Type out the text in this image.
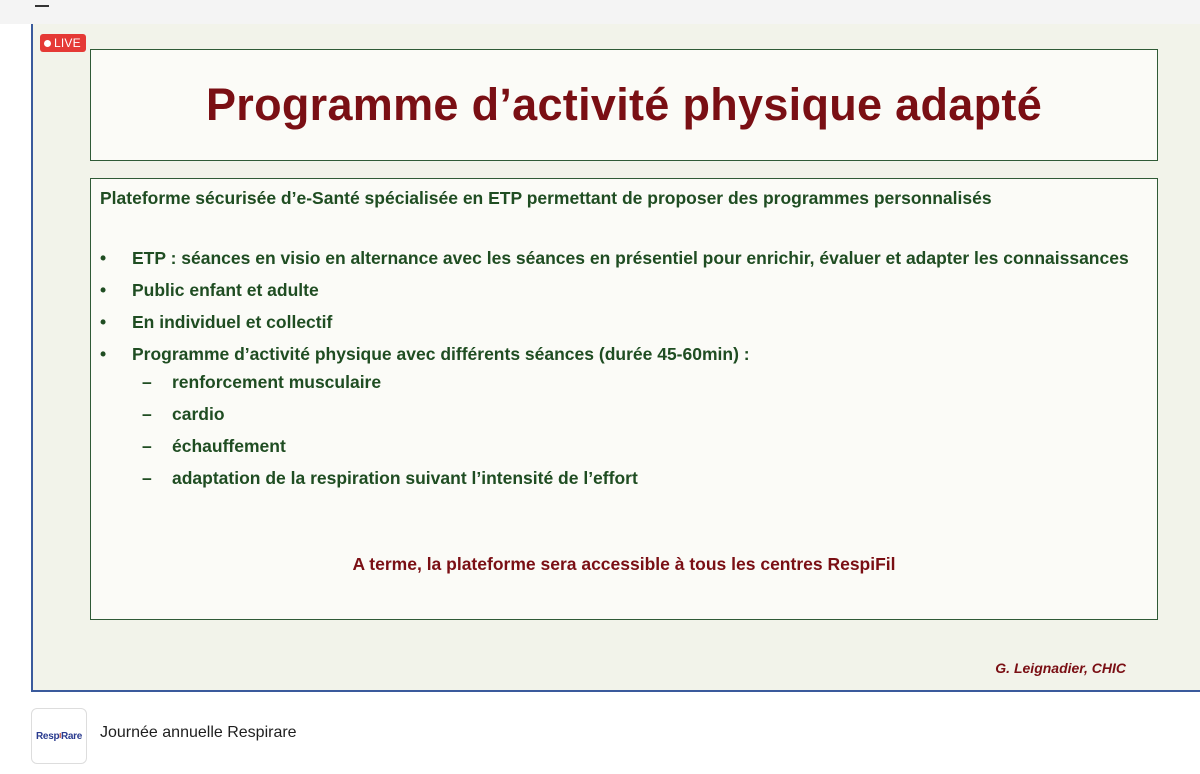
LIVE
Programme d’activité physique adapté
Plateforme sécurisée d’e-Santé spécialisée en ETP permettant de proposer des programmes personnalisés
•	ETP : séances en visio en alternance avec les séances en présentiel pour enrichir, évaluer et adapter les connaissances
•	Public enfant et adulte
•	En individuel et collectif
•	Programme d’activité physique avec différents séances (durée 45-60min) :
– renforcement musculaire
– cardio
– échauffement
– adaptation de la respiration suivant l’intensité de l’effort
A terme, la plateforme sera accessible à tous les centres RespiFil
G. Leignadier, CHIC
Resp I Rare Journée annuelle Respirare
